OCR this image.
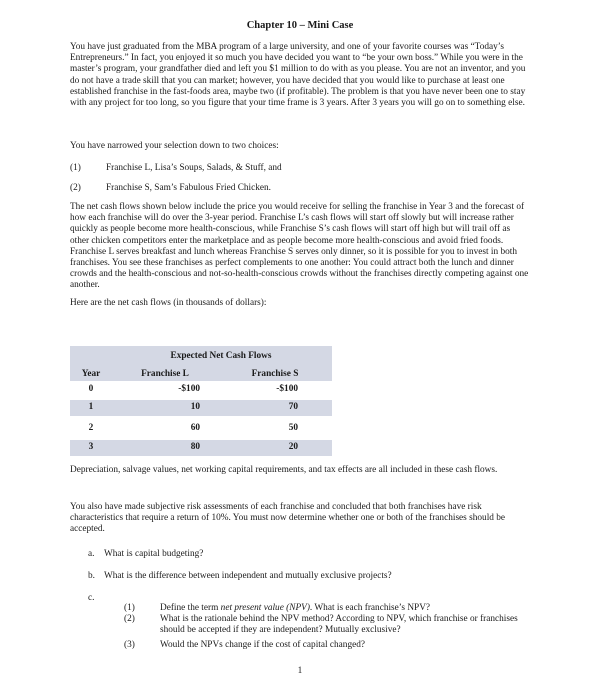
Chapter 10 – Mini Case

You have just graduated from the MBA program of a large university, and one of your favorite courses was “Today’s Entrepreneurs.” In fact, you enjoyed it so much you have decided you want to “be your own boss.” While you were in the master’s program, your grandfather died and left you $1 million to do with as you please. You are not an inventor, and you do not have a trade skill that you can market; however, you have decided that you would like to purchase at least one established franchise in the fast-foods area, maybe two (if profitable). The problem is that you have never been one to stay with any project for too long, so you figure that your time frame is 3 years. After 3 years you will go on to something else.

You have narrowed your selection down to two choices:

(1)	Franchise L, Lisa’s Soups, Salads, & Stuff, and
(2)	Franchise S, Sam’s Fabulous Fried Chicken.

The net cash flows shown below include the price you would receive for selling the franchise in Year 3 and the forecast of how each franchise will do over the 3-year period. Franchise L’s cash flows will start off slowly but will increase rather quickly as people become more health-conscious, while Franchise S’s cash flows will start off high but will trail off as other chicken competitors enter the marketplace and as people become more health-conscious and avoid fried foods. Franchise L serves breakfast and lunch whereas Franchise S serves only dinner, so it is possible for you to invest in both franchises. You see these franchises as perfect complements to one another: You could attract both the lunch and dinner crowds and the health-conscious and not-so-health-conscious crowds without the franchises directly competing against one another.

Here are the net cash flows (in thousands of dollars):

Expected Net Cash Flows
Year	Franchise L	Franchise S
0	-$100	-$100
1	10	70
2	60	50
3	80	20

Depreciation, salvage values, net working capital requirements, and tax effects are all included in these cash flows.

You also have made subjective risk assessments of each franchise and concluded that both franchises have risk characteristics that require a return of 10%. You must now determine whether one or both of the franchises should be accepted.

a. What is capital budgeting?
b. What is the difference between independent and mutually exclusive projects?
c.
(1)	Define the term net present value (NPV). What is each franchise’s NPV?
(2)	What is the rationale behind the NPV method? According to NPV, which franchise or franchises should be accepted if they are independent? Mutually exclusive?
(3)	Would the NPVs change if the cost of capital changed?
1
